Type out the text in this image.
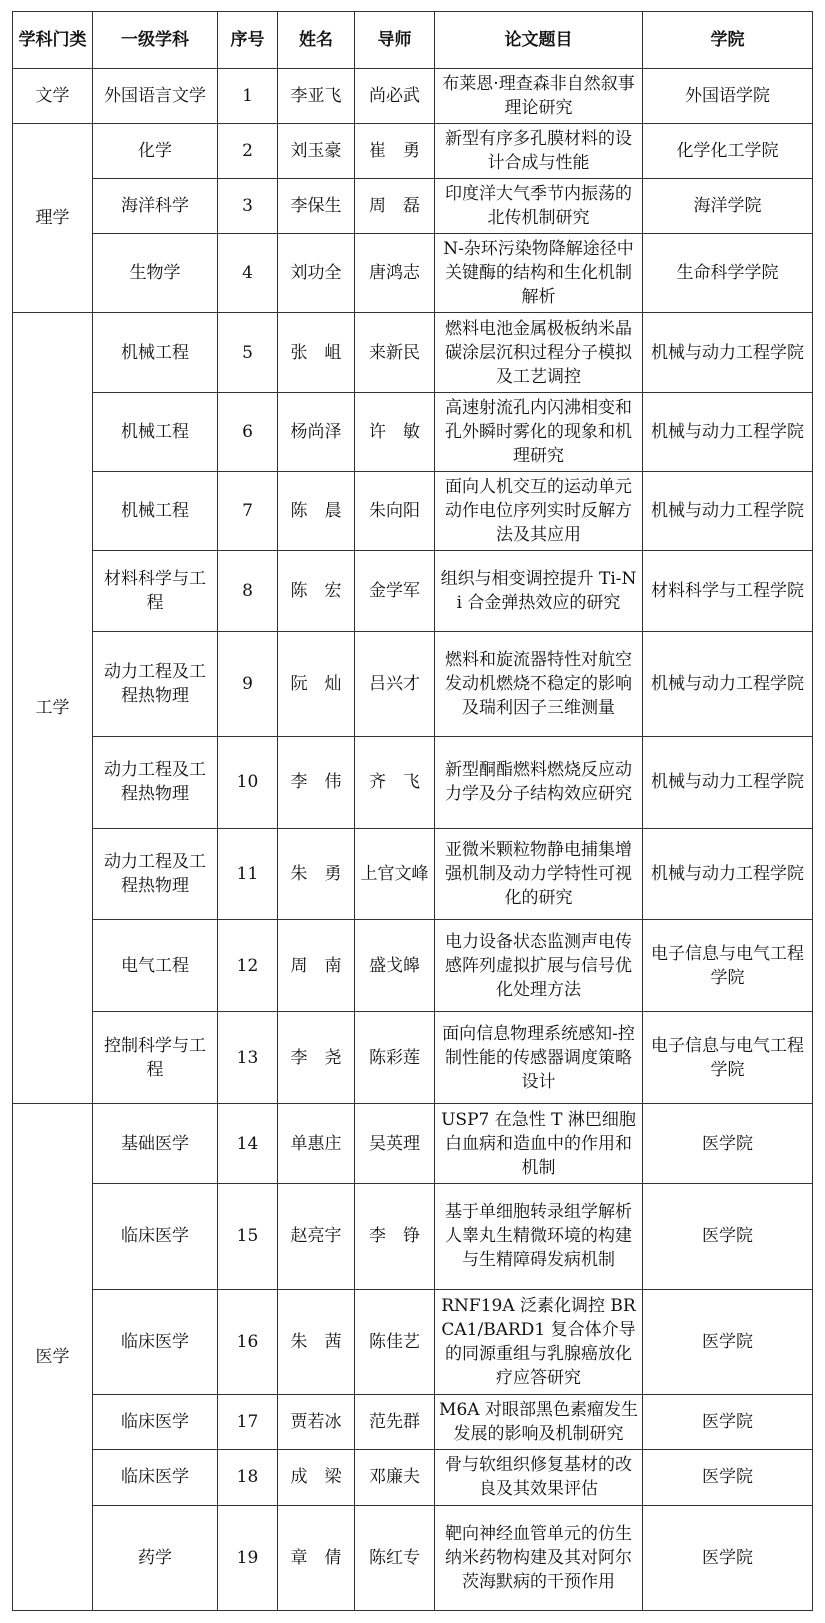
学科门类	一级学科	序号	姓名	导师	论文题目	学院
文学	外国语言文学	1	李亚飞	尚必武	布莱恩·理查森非自然叙事理论研究	外国语学院
理学	化学	2	刘玉豪	崔　勇	新型有序多孔膜材料的设计合成与性能	化学化工学院
	海洋科学	3	李保生	周　磊	印度洋大气季节内振荡的北传机制研究	海洋学院
	生物学	4	刘功全	唐鸿志	N-杂环污染物降解途径中关键酶的结构和生化机制解析	生命科学学院
工学	机械工程	5	张　岨	来新民	燃料电池金属极板纳米晶碳涂层沉积过程分子模拟及工艺调控	机械与动力工程学院
	机械工程	6	杨尚泽	许　敏	高速射流孔内闪沸相变和孔外瞬时雾化的现象和机理研究	机械与动力工程学院
	机械工程	7	陈　晨	朱向阳	面向人机交互的运动单元动作电位序列实时反解方法及其应用	机械与动力工程学院
	材料科学与工程	8	陈　宏	金学军	组织与相变调控提升 Ti-Ni 合金弹热效应的研究	材料科学与工程学院
	动力工程及工程热物理	9	阮　灿	吕兴才	燃料和旋流器特性对航空发动机燃烧不稳定的影响及瑞利因子三维测量	机械与动力工程学院
	动力工程及工程热物理	10	李　伟	齐　飞	新型酮酯燃料燃烧反应动力学及分子结构效应研究	机械与动力工程学院
	动力工程及工程热物理	11	朱　勇	上官文峰	亚微米颗粒物静电捕集增强机制及动力学特性可视化的研究	机械与动力工程学院
	电气工程	12	周　南	盛戈皞	电力设备状态监测声电传感阵列虚拟扩展与信号优化处理方法	电子信息与电气工程学院
	控制科学与工程	13	李　尧	陈彩莲	面向信息物理系统感知-控制性能的传感器调度策略设计	电子信息与电气工程学院
医学	基础医学	14	单惠庄	吴英理	USP7 在急性 T 淋巴细胞白血病和造血中的作用和机制	医学院
	临床医学	15	赵亮宇	李　铮	基于单细胞转录组学解析人睾丸生精微环境的构建与生精障碍发病机制	医学院
	临床医学	16	朱　茜	陈佳艺	RNF19A 泛素化调控 BRCA1/BARD1 复合体介导的同源重组与乳腺癌放化疗应答研究	医学院
	临床医学	17	贾若冰	范先群	M6A 对眼部黑色素瘤发生发展的影响及机制研究	医学院
	临床医学	18	成　梁	邓廉夫	骨与软组织修复基材的改良及其效果评估	医学院
	药学	19	章　倩	陈红专	靶向神经血管单元的仿生纳米药物构建及其对阿尔茨海默病的干预作用	医学院
